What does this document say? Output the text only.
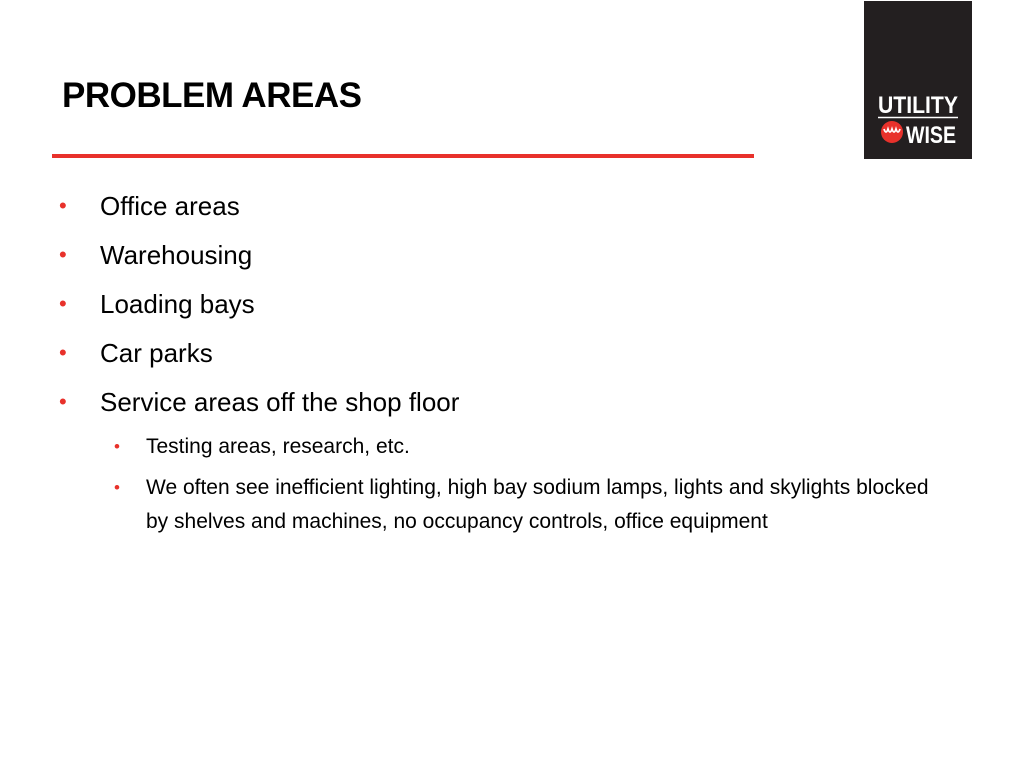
PROBLEM AREAS	UTILITY
WISE
• Office areas
• Warehousing
• Loading bays
• Car parks
• Service areas off the shop floor
• Testing areas, research, etc.
• We often see inefficient lighting, high bay sodium lamps, lights and skylights blocked by shelves and machines, no occupancy controls, office equipment
